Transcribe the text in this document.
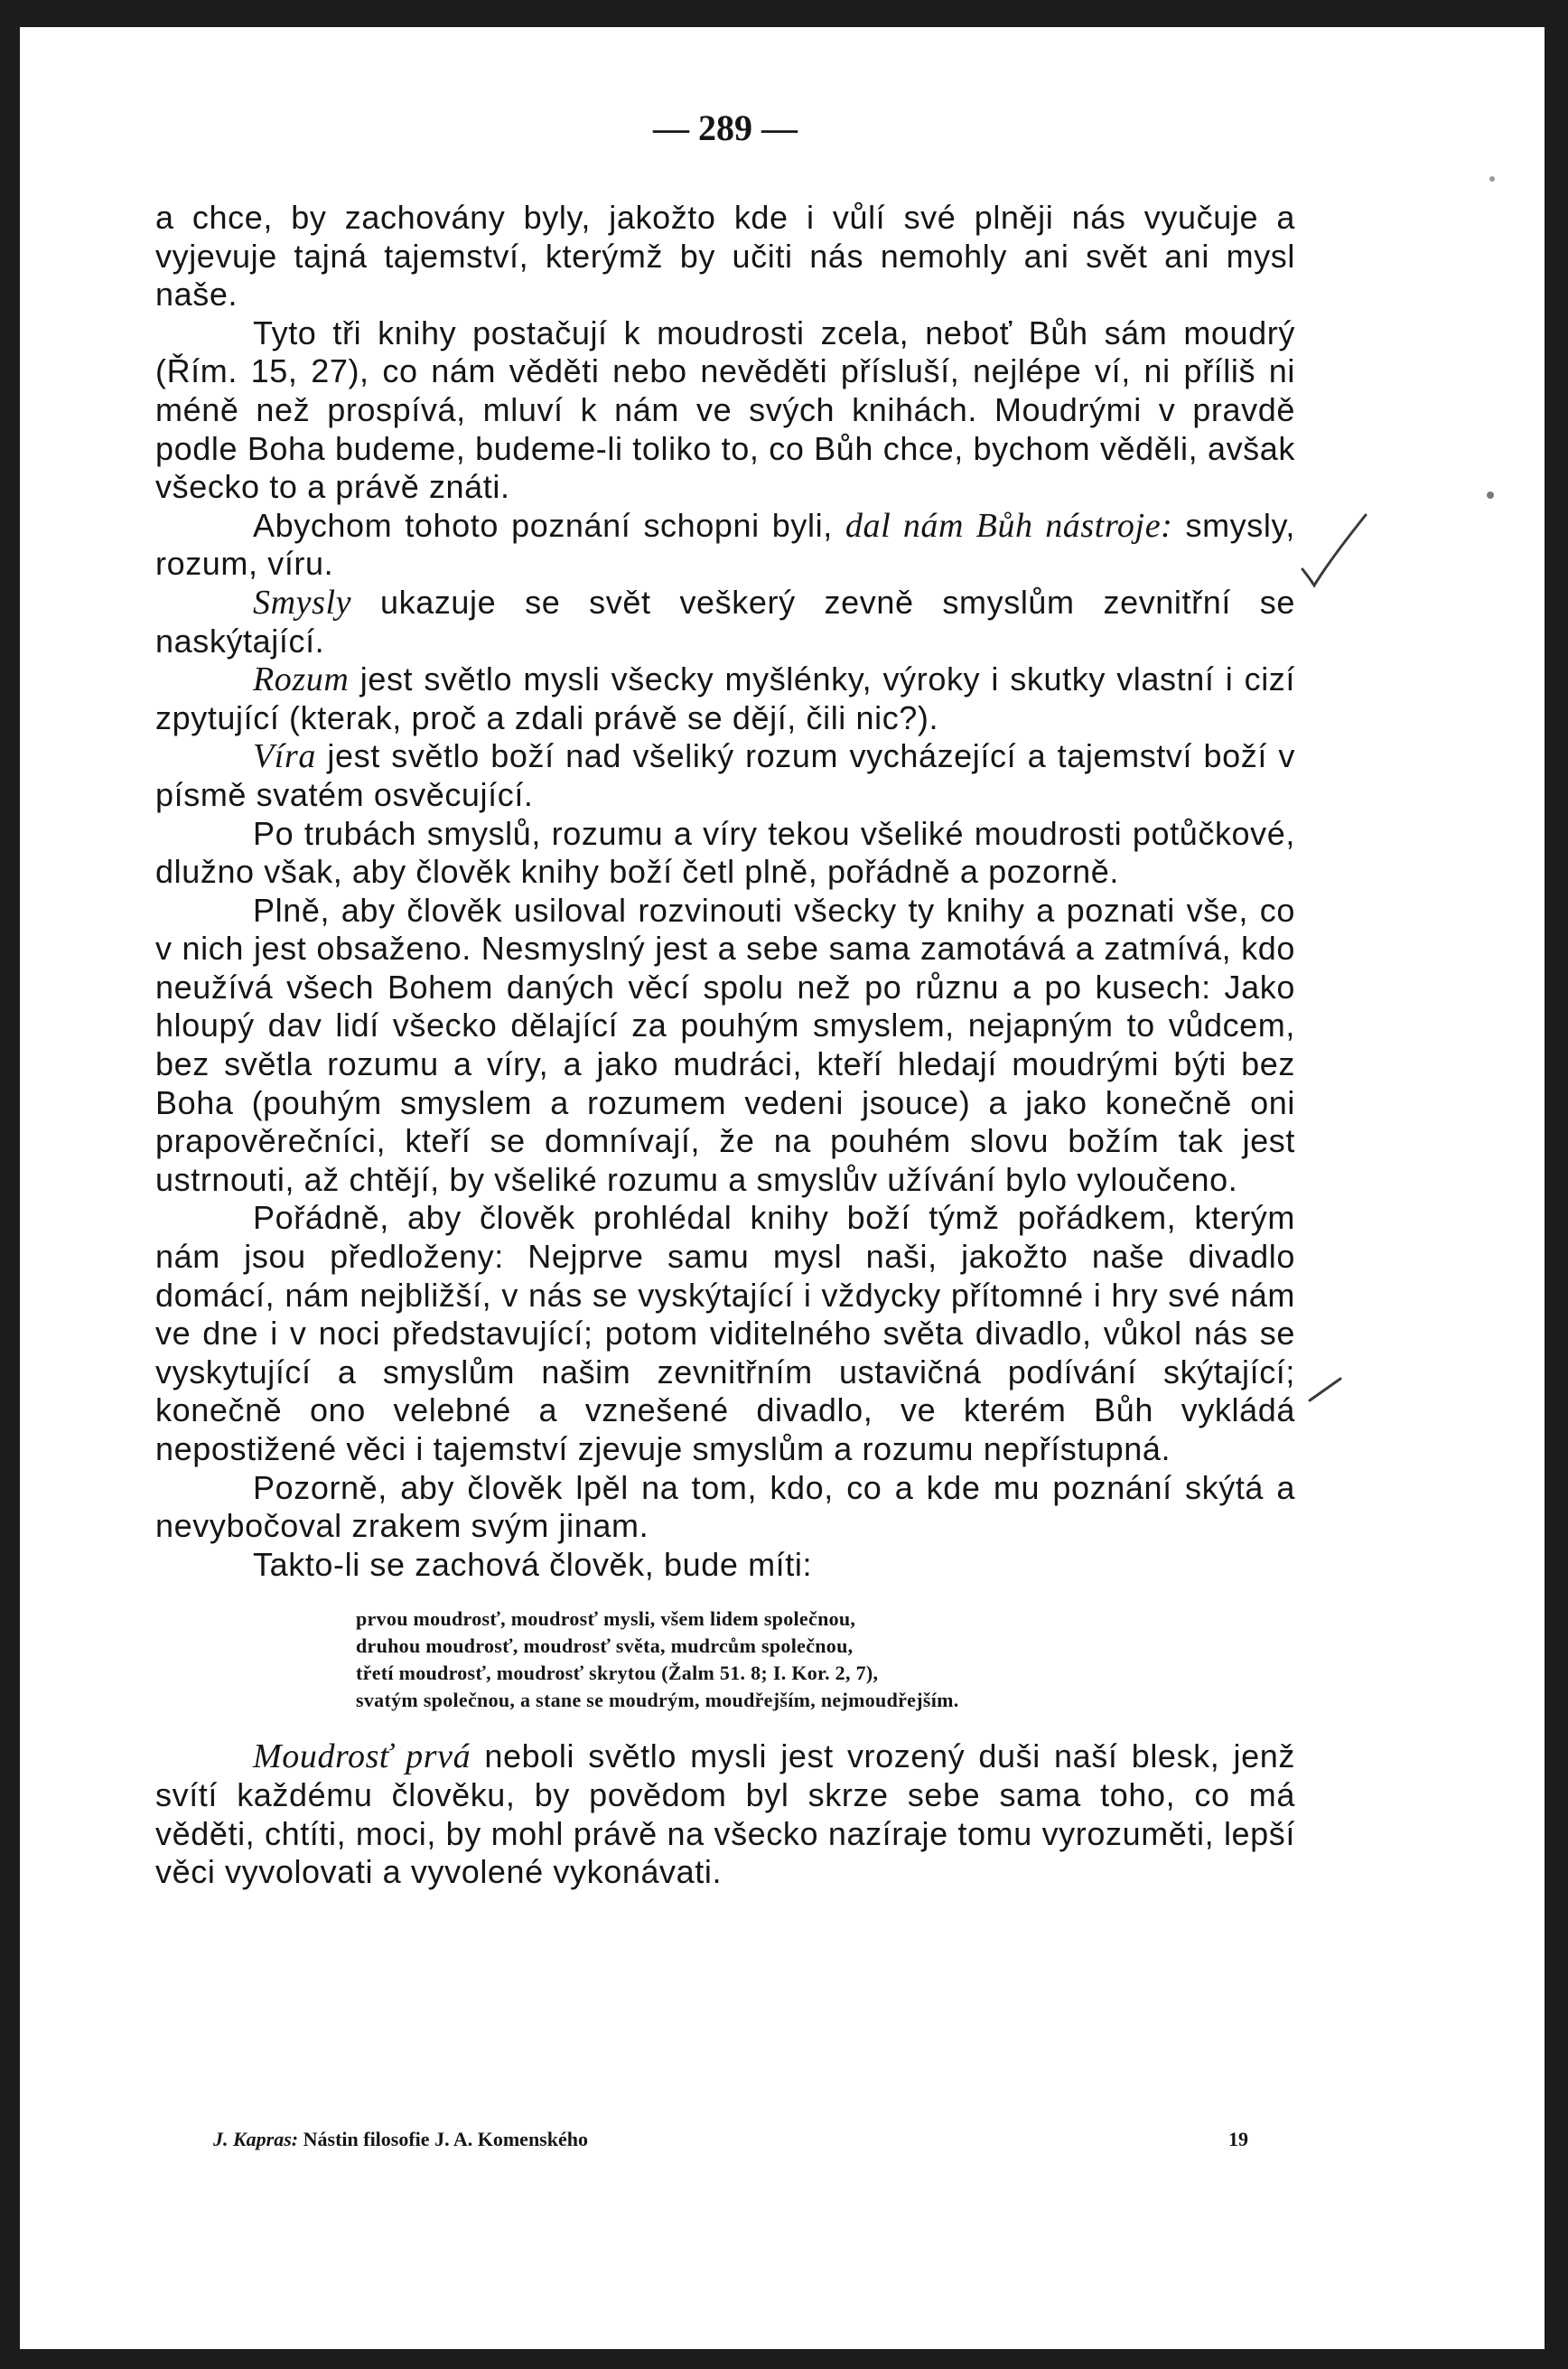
— 289 —

a chce, by zachovány byly, jakožto kde i vůlí své plněji nás vyučuje a vyjevuje tajná tajemství, kterýmž by učiti nás nemohly ani svět ani mysl naše.

Tyto tři knihy postačují k moudrosti zcela, neboť Bůh sám moudrý (Řím. 15, 27), co nám věděti nebo nevěděti přísluší, nejlépe ví, ni příliš ni méně než prospívá, mluví k nám ve svých knihách. Moudrými v pravdě podle Boha budeme, budeme-li toliko to, co Bůh chce, bychom věděli, avšak všecko to a právě znáti.

Abychom tohoto poznání schopni byli, dal nám Bůh nástroje: smysly, rozum, víru.

Smysly ukazuje se svět veškerý zevně smyslům zevnitřní se naskýtající.

Rozum jest světlo mysli všecky myšlénky, výroky i skutky vlastní i cizí zpytující (kterak, proč a zdali právě se dějí, čili nic?).

Víra jest světlo boží nad všeliký rozum vycházející a tajemství boží v písmě svatém osvěcující.

Po trubách smyslů, rozumu a víry tekou všeliké moudrosti potůčkové, dlužno však, aby člověk knihy boží četl plně, pořádně a pozorně.

Plně, aby člověk usiloval rozvinouti všecky ty knihy a poznati vše, co v nich jest obsaženo. Nesmyslný jest a sebe sama zamotává a zatmívá, kdo neužívá všech Bohem daných věcí spolu než po různu a po kusech: Jako hloupý dav lidí všecko dělající za pouhým smyslem, nejapným to vůdcem, bez světla rozumu a víry, a jako mudráci, kteří hledají moudrými býti bez Boha (pouhým smyslem a rozumem vedeni jsouce) a jako konečně oni prapověrečníci, kteří se domnívají, že na pouhém slovu božím tak jest ustrnouti, až chtějí, by všeliké rozumu a smyslův užívání bylo vyloučeno.

Pořádně, aby člověk prohlédal knihy boží týmž pořádkem, kterým nám jsou předloženy: Nejprve samu mysl naši, jakožto naše divadlo domácí, nám nejbližší, v nás se vyskýtající i vždycky přítomné i hry své nám ve dne i v noci představující; potom viditelného světa divadlo, vůkol nás se vyskytující a smyslům našim zevnitřním ustavičná podívání skýtající; konečně ono velebné a vznešené divadlo, ve kterém Bůh vykládá nepostižené věci i tajemství zjevuje smyslům a rozumu nepřístupná.

Pozorně, aby člověk lpěl na tom, kdo, co a kde mu poznání skýtá a nevybočoval zrakem svým jinam.

Takto-li se zachová člověk, bude míti:

prvou moudrosť, moudrosť mysli, všem lidem společnou,
druhou moudrosť, moudrosť světa, mudrcům společnou,
třetí moudrosť, moudrosť skrytou (Žalm 51. 8; I. Kor. 2, 7),
svatým společnou, a stane se moudrým, moudřejším, nejmoudřejším.

Moudrosť prvá neboli světlo mysli jest vrozený duši naší blesk, jenž svítí každému člověku, by povědom byl skrze sebe sama toho, co má věděti, chtíti, moci, by mohl právě na všecko nazíraje tomu vyrozuměti, lepší věci vyvolovati a vyvolené vykonávati.

J. Kapras: Nástin filosofie J. A. Komenského	19
